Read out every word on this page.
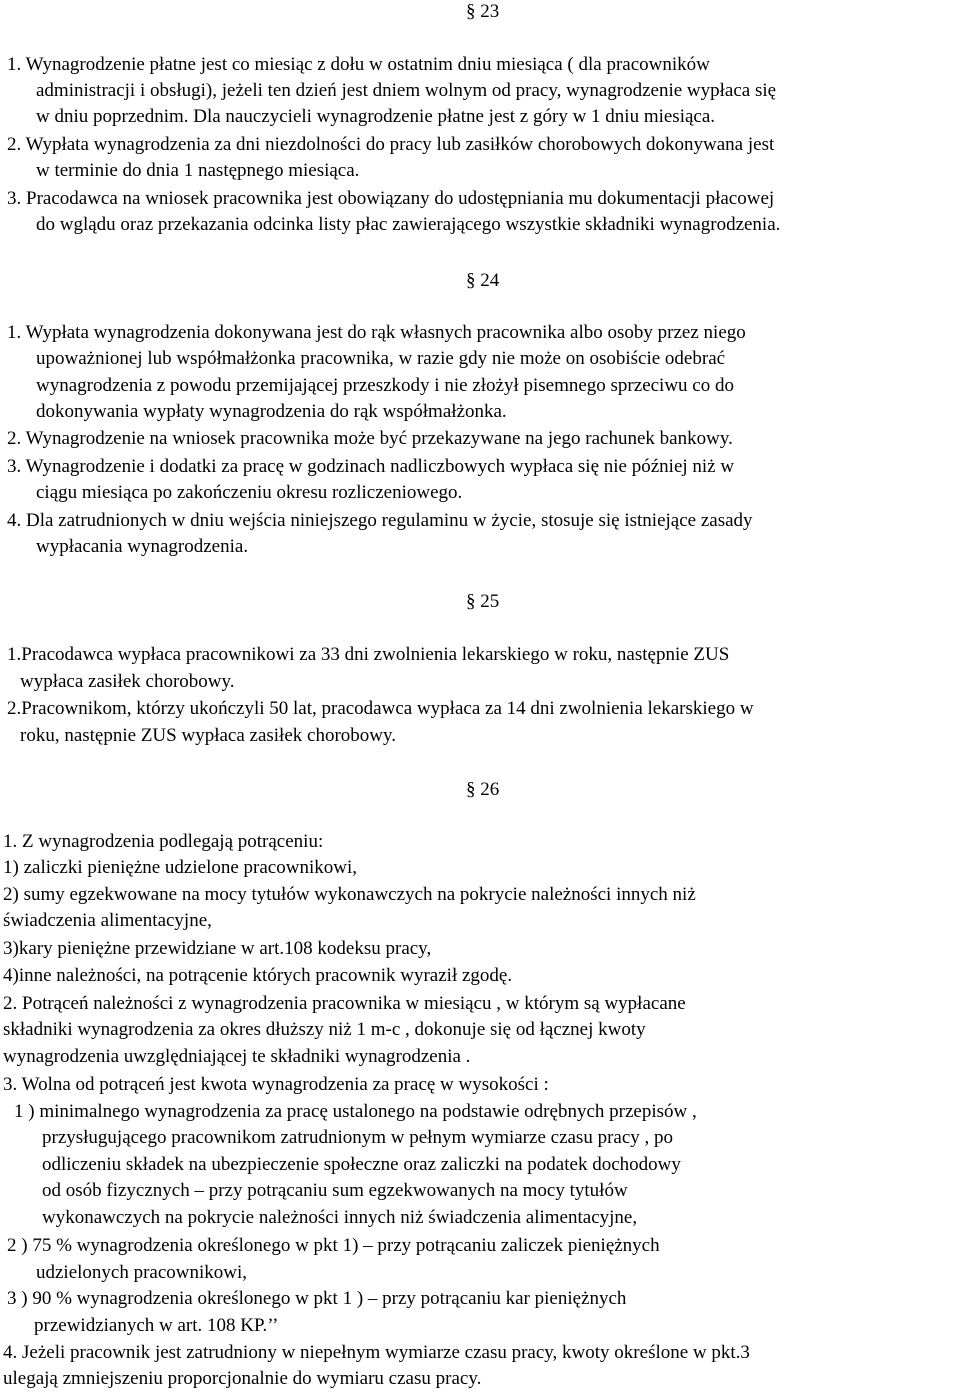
§ 23
1. Wynagrodzenie płatne jest co miesiąc z dołu w ostatnim dniu miesiąca ( dla pracowników
administracji i obsługi), jeżeli ten dzień jest dniem wolnym od pracy, wynagrodzenie wypłaca się
w dniu poprzednim. Dla nauczycieli wynagrodzenie płatne jest z góry w 1 dniu miesiąca.
2. Wypłata wynagrodzenia za dni niezdolności do pracy lub zasiłków chorobowych dokonywana jest
w terminie do dnia 1 następnego miesiąca.
3. Pracodawca na wniosek pracownika jest obowiązany do udostępniania mu dokumentacji płacowej
do wglądu oraz przekazania odcinka listy płac zawierającego wszystkie składniki wynagrodzenia.
§ 24
1. Wypłata wynagrodzenia dokonywana jest do rąk własnych pracownika albo osoby przez niego
upoważnionej lub współmałżonka pracownika, w razie gdy nie może on osobiście odebrać
wynagrodzenia z powodu przemijającej przeszkody i nie złożył pisemnego sprzeciwu co do
dokonywania wypłaty wynagrodzenia do rąk współmałżonka.
2. Wynagrodzenie na wniosek pracownika może być przekazywane na jego rachunek bankowy.
3. Wynagrodzenie i dodatki za pracę w godzinach nadliczbowych wypłaca się nie później niż w
ciągu miesiąca po zakończeniu okresu rozliczeniowego.
4. Dla zatrudnionych w dniu wejścia niniejszego regulaminu w życie, stosuje się istniejące zasady
wypłacania wynagrodzenia.
§ 25
1.Pracodawca wypłaca pracownikowi za 33 dni zwolnienia lekarskiego w roku, następnie ZUS
wypłaca zasiłek chorobowy.
2.Pracownikom, którzy ukończyli 50 lat, pracodawca wypłaca za 14 dni zwolnienia lekarskiego w
roku, następnie ZUS wypłaca zasiłek chorobowy.
§ 26
1. Z wynagrodzenia podlegają potrąceniu:
1) zaliczki pieniężne udzielone pracownikowi,
2) sumy egzekwowane na mocy tytułów wykonawczych na pokrycie należności innych niż
świadczenia alimentacyjne,
3)kary pieniężne przewidziane w art.108 kodeksu pracy,
4)inne należności, na potrącenie których pracownik wyraził zgodę.
2. Potrąceń należności z wynagrodzenia pracownika w miesiącu , w którym są wypłacane
składniki wynagrodzenia za okres dłuższy niż 1 m-c , dokonuje się od łącznej kwoty
wynagrodzenia uwzględniającej te składniki wynagrodzenia .
3. Wolna od potrąceń jest kwota wynagrodzenia za pracę w wysokości :
1 ) minimalnego wynagrodzenia za pracę ustalonego na podstawie odrębnych przepisów ,
przysługującego pracownikom zatrudnionym w pełnym wymiarze czasu pracy , po
odliczeniu składek na ubezpieczenie społeczne oraz zaliczki na podatek dochodowy
od osób fizycznych – przy potrącaniu sum egzekwowanych na mocy tytułów
wykonawczych na pokrycie należności innych niż świadczenia alimentacyjne,
2 ) 75 % wynagrodzenia określonego w pkt 1) – przy potrącaniu zaliczek pieniężnych
udzielonych pracownikowi,
3 ) 90 % wynagrodzenia określonego w pkt 1 ) – przy potrącaniu kar pieniężnych
przewidzianych w art. 108 KP.’’
4. Jeżeli pracownik jest zatrudniony w niepełnym wymiarze czasu pracy, kwoty określone w pkt.3
ulegają zmniejszeniu proporcjonalnie do wymiaru czasu pracy.
